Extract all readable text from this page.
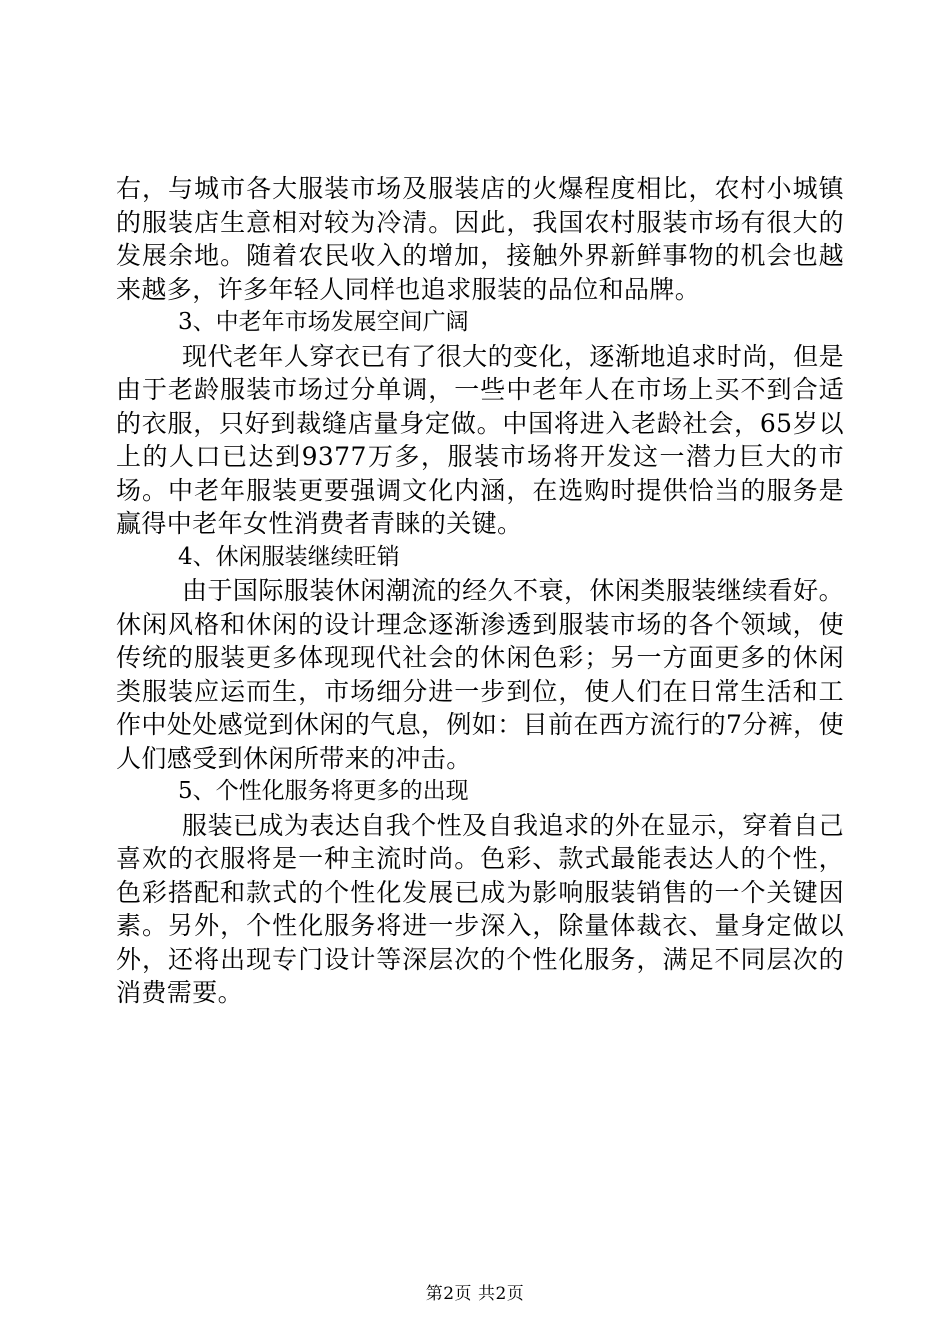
右，与城市各大服装市场及服装店的火爆程度相比，农村小城镇的服装店生意相对较为冷清。因此，我国农村服装市场有很大的发展余地。随着农民收入的增加，接触外界新鲜事物的机会也越来越多，许多年轻人同样也追求服装的品位和品牌。

3、中老年市场发展空间广阔

现代老年人穿衣已有了很大的变化，逐渐地追求时尚，但是由于老龄服装市场过分单调，一些中老年人在市场上买不到合适的衣服，只好到裁缝店量身定做。中国将进入老龄社会，65岁以上的人口已达到9377万多，服装市场将开发这一潜力巨大的市场。中老年服装更要强调文化内涵，在选购时提供恰当的服务是赢得中老年女性消费者青睐的关键。

4、休闲服装继续旺销

由于国际服装休闲潮流的经久不衰，休闲类服装继续看好。休闲风格和休闲的设计理念逐渐渗透到服装市场的各个领域，使传统的服装更多体现现代社会的休闲色彩；另一方面更多的休闲类服装应运而生，市场细分进一步到位，使人们在日常生活和工作中处处感觉到休闲的气息，例如：目前在西方流行的7分裤，使人们感受到休闲所带来的冲击。

5、个性化服务将更多的出现

服装已成为表达自我个性及自我追求的外在显示，穿着自己喜欢的衣服将是一种主流时尚。色彩、款式最能表达人的个性，色彩搭配和款式的个性化发展已成为影响服装销售的一个关键因素。另外，个性化服务将进一步深入，除量体裁衣、量身定做以外，还将出现专门设计等深层次的个性化服务，满足不同层次的消费需要。

第2页 共2页
